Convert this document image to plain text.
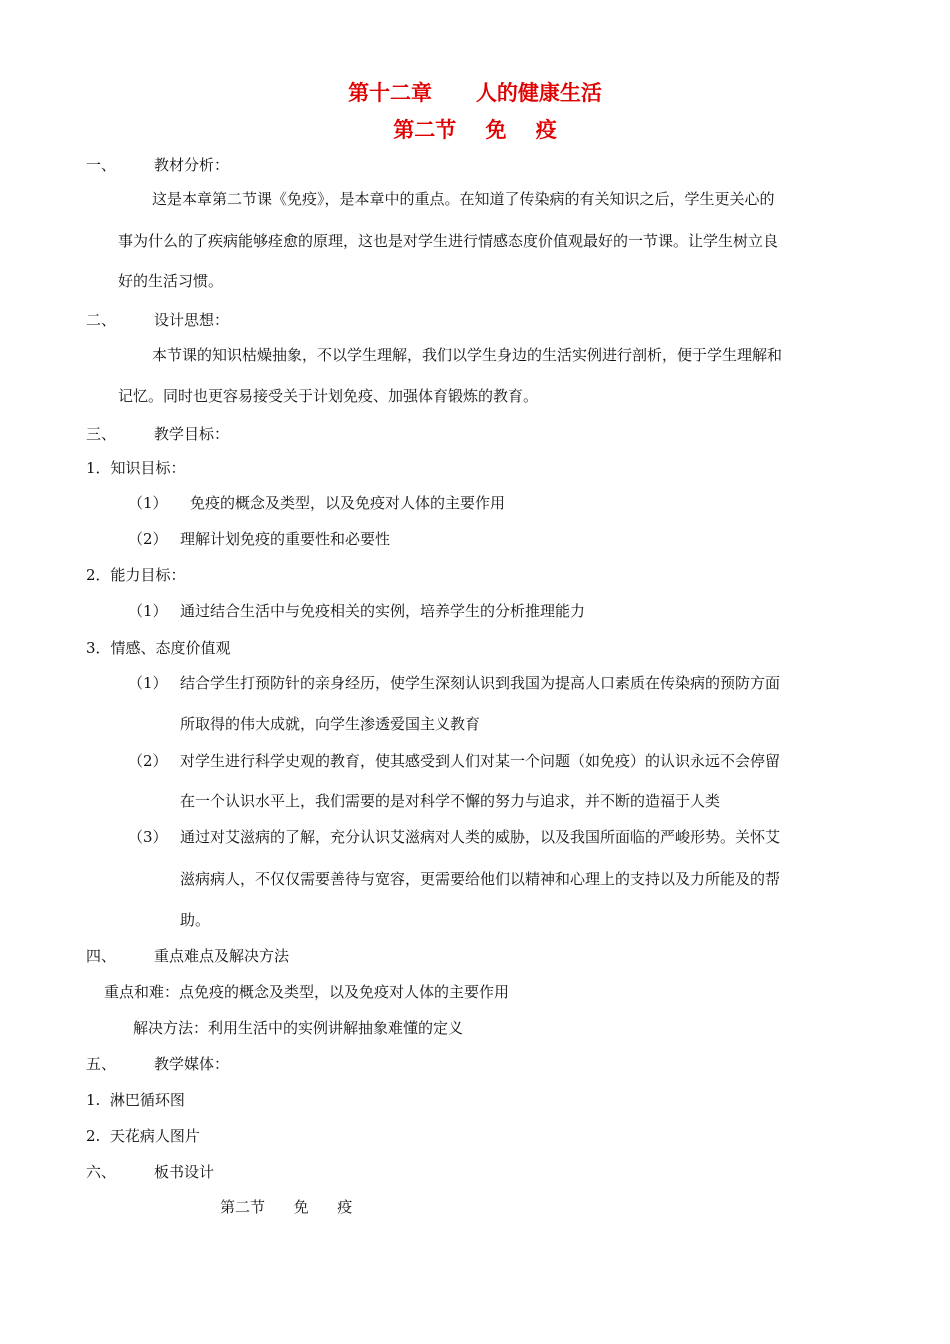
第十二章      人的健康生活
第二节    免    疫
一、	教材分析：
这是本章第二节课《免疫》，是本章中的重点。在知道了传染病的有关知识之后，学生更关心的
事为什么的了疾病能够痊愈的原理，这也是对学生进行情感态度价值观最好的一节课。让学生树立良
好的生活习惯。
二、	设计思想：
本节课的知识枯燥抽象，不以学生理解，我们以学生身边的生活实例进行剖析，便于学生理解和
记忆。同时也更容易接受关于计划免疫、加强体育锻炼的教育。
三、	教学目标：
1．知识目标：
（1） 免疫的概念及类型，以及免疫对人体的主要作用
（2） 理解计划免疫的重要性和必要性
2．能力目标：
（1） 通过结合生活中与免疫相关的实例，培养学生的分析推理能力
3．情感、态度价值观
（1） 结合学生打预防针的亲身经历，使学生深刻认识到我国为提高人口素质在传染病的预防方面
所取得的伟大成就，向学生渗透爱国主义教育
（2） 对学生进行科学史观的教育，使其感受到人们对某一个问题（如免疫）的认识永远不会停留
在一个认识水平上，我们需要的是对科学不懈的努力与追求，并不断的造福于人类
（3） 通过对艾滋病的了解，充分认识艾滋病对人类的威胁，以及我国所面临的严峻形势。关怀艾
滋病病人，不仅仅需要善待与宽容，更需要给他们以精神和心理上的支持以及力所能及的帮
助。
四、	重点难点及解决方法
重点和难：点免疫的概念及类型，以及免疫对人体的主要作用
解决方法：利用生活中的实例讲解抽象难懂的定义
五、	教学媒体：
1.  淋巴循环图
2.  天花病人图片
六、	板书设计
第二节      免      疫
